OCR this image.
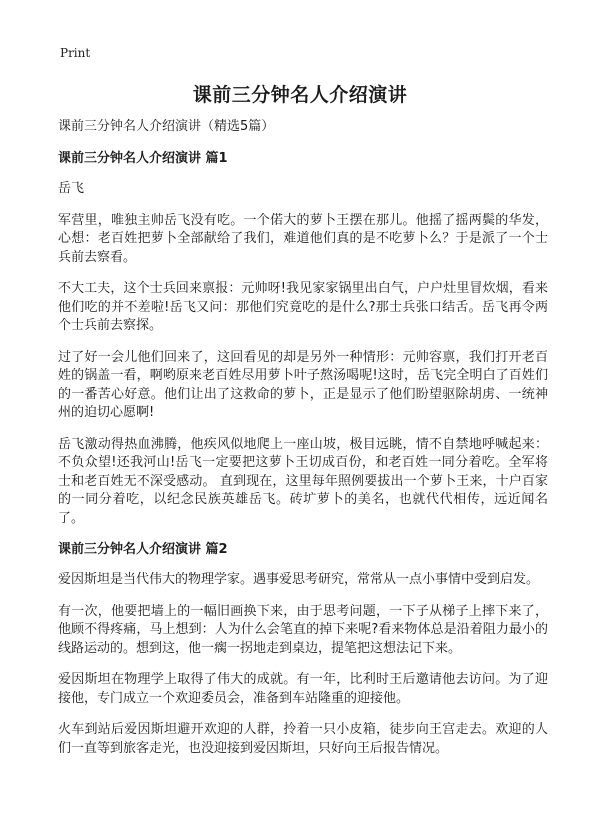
Print
课前三分钟名人介绍演讲

课前三分钟名人介绍演讲（精选5篇）

课前三分钟名人介绍演讲 篇1

岳飞

军营里，唯独主帅岳飞没有吃。一个偌大的萝卜王摆在那儿。他摇了摇两鬓的华发，心想：老百姓把萝卜全部献给了我们，难道他们真的是不吃萝卜么？于是派了一个士兵前去察看。

不大工夫，这个士兵回来禀报：元帅呀!我见家家锅里出白气，户户灶里冒炊烟，看来他们吃的并不差啦!岳飞又问：那他们究竟吃的是什么?那士兵张口结舌。岳飞再令两个士兵前去察探。

过了好一会儿他们回来了，这回看见的却是另外一种情形：元帅容禀，我们打开老百姓的锅盖一看，啊哟原来老百姓尽用萝卜叶子熬汤喝呢!这时，岳飞完全明白了百姓们的一番苦心好意。他们让出了这救命的萝卜，正是显示了他们盼望驱除胡虏、一统神州的迫切心愿啊!

岳飞激动得热血沸腾，他疾风似地爬上一座山坡，极目远眺，情不自禁地呼喊起来：不负众望!还我河山!岳飞一定要把这萝卜王切成百份，和老百姓一同分着吃。全军将士和老百姓无不深受感动。 直到现在，这里每年照例要拔出一个萝卜王来，十户百家的一同分着吃，以纪念民族英雄岳飞。砖圹萝卜的美名，也就代代相传，远近闻名了。

课前三分钟名人介绍演讲 篇2

爱因斯坦是当代伟大的物理学家。遇事爱思考研究，常常从一点小事情中受到启发。

有一次，他要把墙上的一幅旧画换下来，由于思考问题，一下子从梯子上摔下来了，他顾不得疼痛，马上想到：人为什么会笔直的掉下来呢?看来物体总是沿着阻力最小的线路运动的。想到这，他一瘸一拐地走到桌边，提笔把这想法记下来。

爱因斯坦在物理学上取得了伟大的成就。有一年，比利时王后邀请他去访问。为了迎接他，专门成立一个欢迎委员会，准备到车站隆重的迎接他。

火车到站后爱因斯坦避开欢迎的人群，拎着一只小皮箱，徒步向王宫走去。欢迎的人们一直等到旅客走光，也没迎接到爱因斯坦，只好向王后报告情况。
